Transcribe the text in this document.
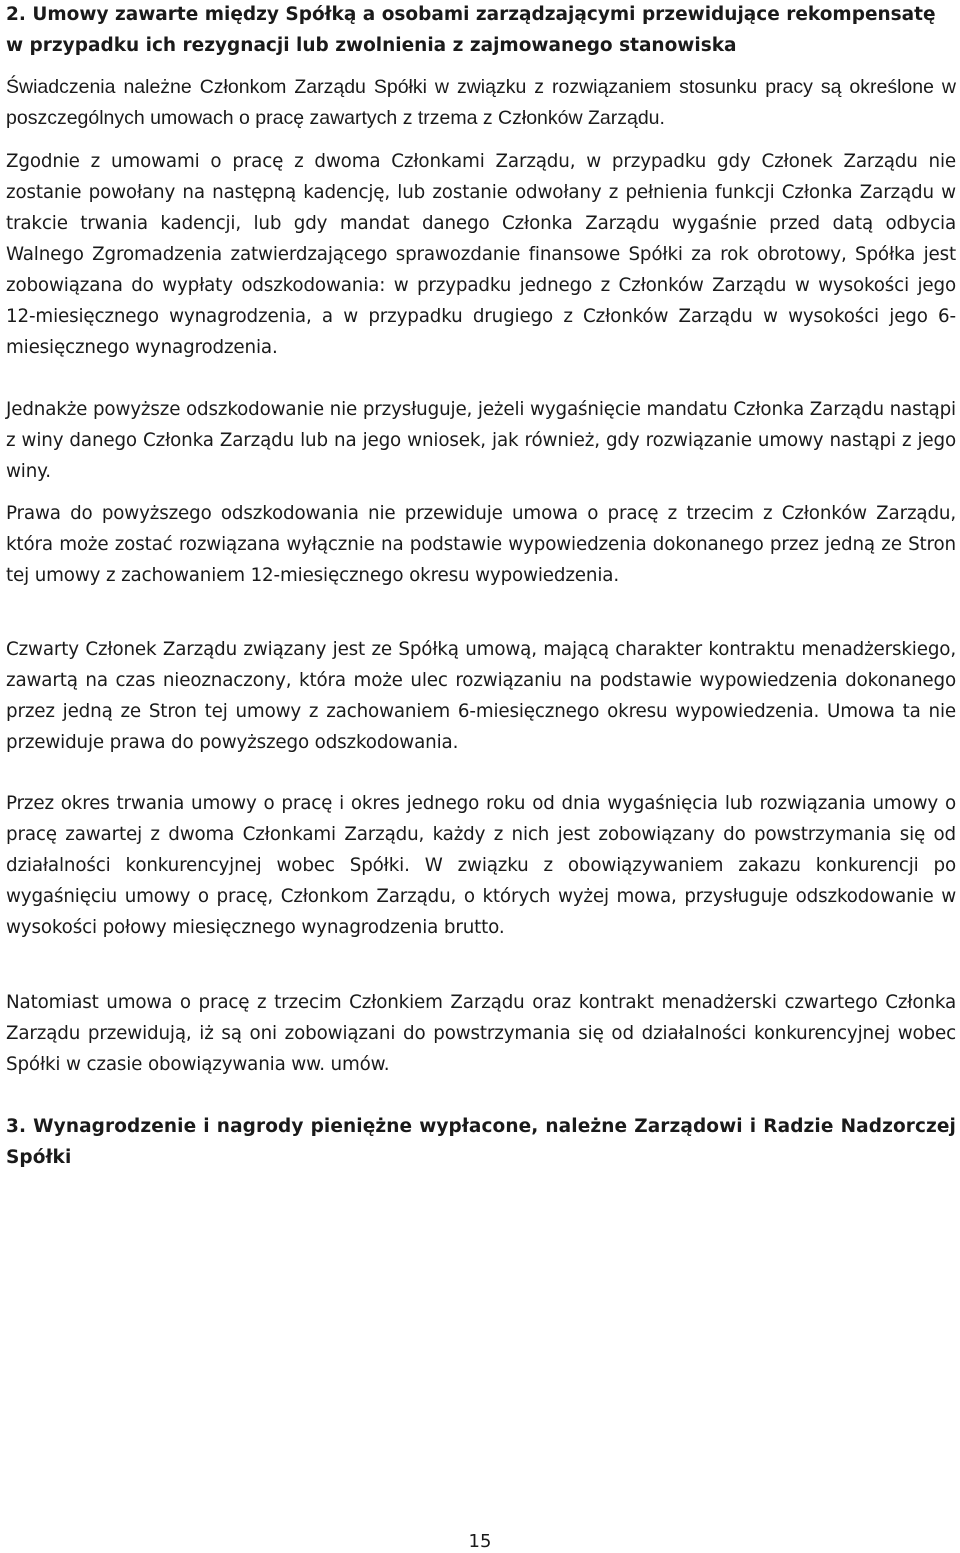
2. Umowy zawarte między Spółką a osobami zarządzającymi przewidujące rekompensatę w przypadku ich rezygnacji lub zwolnienia z zajmowanego stanowiska

Świadczenia należne Członkom Zarządu Spółki w związku z rozwiązaniem stosunku pracy są określone w poszczególnych umowach o pracę zawartych z trzema z Członków Zarządu.

Zgodnie z umowami o pracę z dwoma Członkami Zarządu, w przypadku gdy Członek Zarządu nie zostanie powołany na następną kadencję, lub zostanie odwołany z pełnienia funkcji Członka Zarządu w trakcie trwania kadencji, lub gdy mandat danego Członka Zarządu wygaśnie przed datą odbycia Walnego Zgromadzenia zatwierdzającego sprawozdanie finansowe Spółki za rok obrotowy, Spółka jest zobowiązana do wypłaty odszkodowania: w przypadku jednego z Członków Zarządu w wysokości jego 12-miesięcznego wynagrodzenia, a w przypadku drugiego z Członków Zarządu w wysokości jego 6-miesięcznego wynagrodzenia.

Jednakże powyższe odszkodowanie nie przysługuje, jeżeli wygaśnięcie mandatu Członka Zarządu nastąpi z winy danego Członka Zarządu lub na jego wniosek, jak również, gdy rozwiązanie umowy nastąpi z jego winy.

Prawa do powyższego odszkodowania nie przewiduje umowa o pracę z trzecim z Członków Zarządu, która może zostać rozwiązana wyłącznie na podstawie wypowiedzenia dokonanego przez jedną ze Stron tej umowy z zachowaniem 12-miesięcznego okresu wypowiedzenia.

Czwarty Członek Zarządu związany jest ze Spółką umową, mającą charakter kontraktu menadżerskiego, zawartą na czas nieoznaczony, która może ulec rozwiązaniu na podstawie wypowiedzenia dokonanego przez jedną ze Stron tej umowy z zachowaniem 6-miesięcznego okresu wypowiedzenia. Umowa ta nie przewiduje prawa do powyższego odszkodowania.

Przez okres trwania umowy o pracę i okres jednego roku od dnia wygaśnięcia lub rozwiązania umowy o pracę zawartej z dwoma Członkami Zarządu, każdy z nich jest zobowiązany do powstrzymania się od działalności konkurencyjnej wobec Spółki. W związku z obowiązywaniem zakazu konkurencji po wygaśnięciu umowy o pracę, Członkom Zarządu, o których wyżej mowa, przysługuje odszkodowanie w wysokości połowy miesięcznego wynagrodzenia brutto.

Natomiast umowa o pracę z trzecim Członkiem Zarządu oraz kontrakt menadżerski czwartego Członka Zarządu przewidują, iż są oni zobowiązani do powstrzymania się od działalności konkurencyjnej wobec Spółki w czasie obowiązywania ww. umów.

3. Wynagrodzenie i nagrody pieniężne wypłacone, należne Zarządowi i Radzie Nadzorczej Spółki
15
